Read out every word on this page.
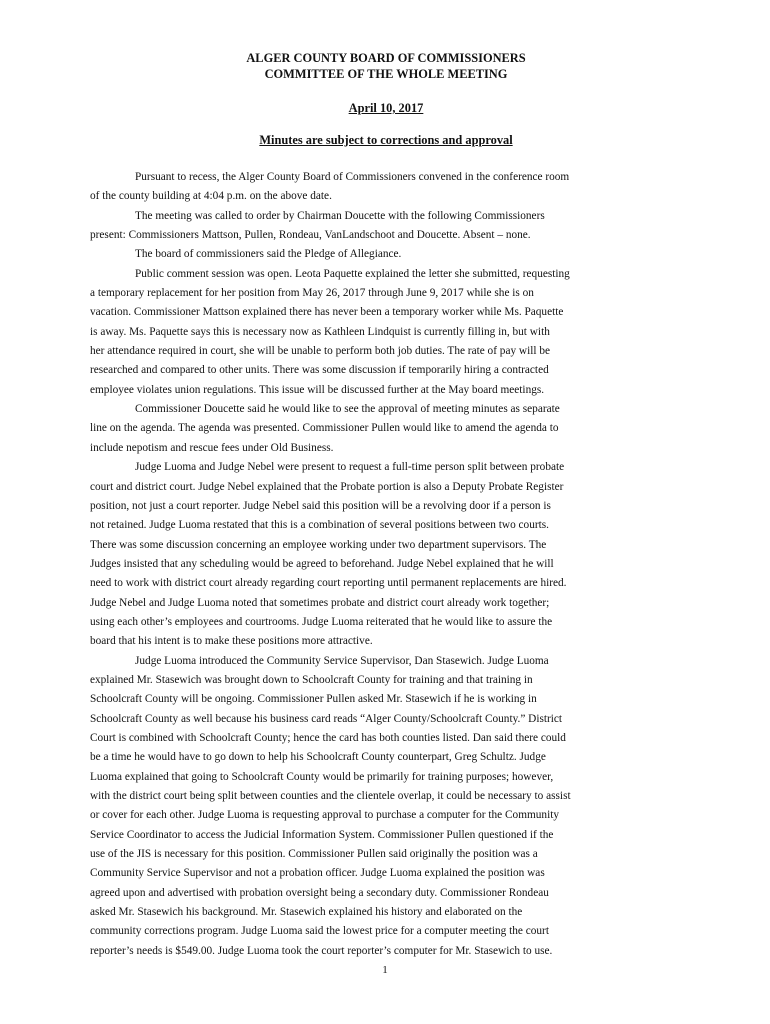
ALGER COUNTY BOARD OF COMMISSIONERS

COMMITTEE OF THE WHOLE MEETING

April 10, 2017

Minutes are subject to corrections and approval

Pursuant to recess, the Alger County Board of Commissioners convened in the conference room
of the county building at 4:04 p.m. on the above date.
The meeting was called to order by Chairman Doucette with the following Commissioners
present: Commissioners Mattson, Pullen, Rondeau, VanLandschoot and Doucette. Absent – none.
The board of commissioners said the Pledge of Allegiance.
Public comment session was open. Leota Paquette explained the letter she submitted, requesting
a temporary replacement for her position from May 26, 2017 through June 9, 2017 while she is on
vacation. Commissioner Mattson explained there has never been a temporary worker while Ms. Paquette
is away. Ms. Paquette says this is necessary now as Kathleen Lindquist is currently filling in, but with
her attendance required in court, she will be unable to perform both job duties. The rate of pay will be
researched and compared to other units. There was some discussion if temporarily hiring a contracted
employee violates union regulations. This issue will be discussed further at the May board meetings.
Commissioner Doucette said he would like to see the approval of meeting minutes as separate
line on the agenda. The agenda was presented. Commissioner Pullen would like to amend the agenda to
include nepotism and rescue fees under Old Business.
Judge Luoma and Judge Nebel were present to request a full-time person split between probate
court and district court. Judge Nebel explained that the Probate portion is also a Deputy Probate Register
position, not just a court reporter. Judge Nebel said this position will be a revolving door if a person is
not retained. Judge Luoma restated that this is a combination of several positions between two courts.
There was some discussion concerning an employee working under two department supervisors. The
Judges insisted that any scheduling would be agreed to beforehand. Judge Nebel explained that he will
need to work with district court already regarding court reporting until permanent replacements are hired.
Judge Nebel and Judge Luoma noted that sometimes probate and district court already work together;
using each other’s employees and courtrooms. Judge Luoma reiterated that he would like to assure the
board that his intent is to make these positions more attractive.
Judge Luoma introduced the Community Service Supervisor, Dan Stasewich. Judge Luoma
explained Mr. Stasewich was brought down to Schoolcraft County for training and that training in
Schoolcraft County will be ongoing. Commissioner Pullen asked Mr. Stasewich if he is working in
Schoolcraft County as well because his business card reads “Alger County/Schoolcraft County.” District
Court is combined with Schoolcraft County; hence the card has both counties listed. Dan said there could
be a time he would have to go down to help his Schoolcraft County counterpart, Greg Schultz. Judge
Luoma explained that going to Schoolcraft County would be primarily for training purposes; however,
with the district court being split between counties and the clientele overlap, it could be necessary to assist
or cover for each other. Judge Luoma is requesting approval to purchase a computer for the Community
Service Coordinator to access the Judicial Information System. Commissioner Pullen questioned if the
use of the JIS is necessary for this position. Commissioner Pullen said originally the position was a
Community Service Supervisor and not a probation officer. Judge Luoma explained the position was
agreed upon and advertised with probation oversight being a secondary duty. Commissioner Rondeau
asked Mr. Stasewich his background. Mr. Stasewich explained his history and elaborated on the
community corrections program. Judge Luoma said the lowest price for a computer meeting the court
reporter’s needs is $549.00. Judge Luoma took the court reporter’s computer for Mr. Stasewich to use.
1
